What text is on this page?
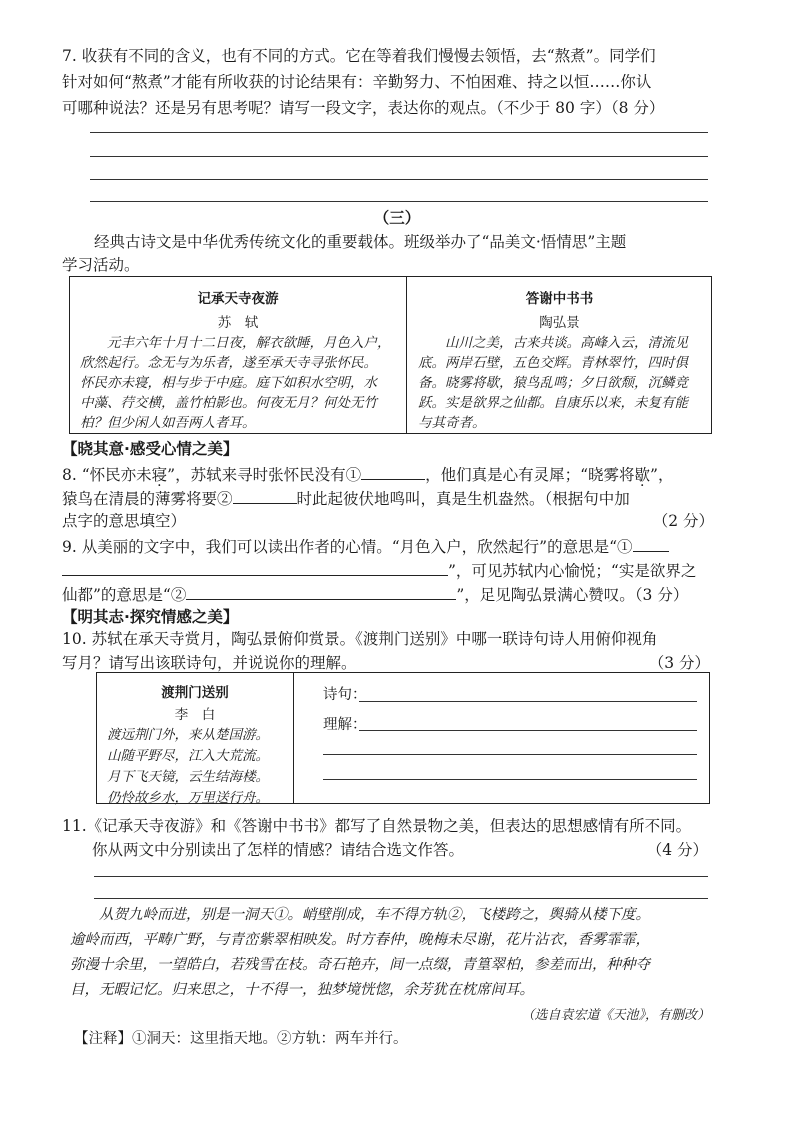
7. 收获有不同的含义，也有不同的方式。它在等着我们慢慢去领悟，去“熬煮”。同学们

针对如何“熬煮”才能有所收获的讨论结果有：辛勤努力、不怕困难、持之以恒……你认

可哪种说法？还是另有思考呢？请写一段文字，表达你的观点。（不少于 80 字）（8 分）

（三）

经典古诗文是中华优秀传统文化的重要载体。班级举办了“品美文·悟情思”主题

学习活动。

记承天寺夜游
苏　轼
元丰六年十月十二日夜，解衣欲睡，月色入户，
欣然起行。念无与为乐者，遂至承天寺寻张怀民。
怀民亦未寝，相与步于中庭。庭下如积水空明，水
中藻、荇交横，盖竹柏影也。何夜无月？何处无竹
柏？但少闲人如吾两人者耳。
答谢中书书
陶弘景
山川之美，古来共谈。高峰入云，清流见
底。两岸石壁，五色交辉。青林翠竹，四时俱
备。晓雾将歇，猿鸟乱鸣；夕日欲颓，沉鳞竞
跃。实是欲界之仙都。自康乐以来，未复有能
与其奇者。

【晓其意·感受心情之美】

8. “怀民亦未寝”，苏轼来寻时张怀民没有①	，他们真是心有灵犀；“晓雾将歇”，

猿鸟在清晨的薄雾将要②	时此起彼伏地鸣叫，真是生机盎然。（根据句中加

点字的意思填空）	（2 分）

9. 从美丽的文字中，我们可以读出作者的心情。“月色入户，欣然起行”的意思是“①

”，可见苏轼内心愉悦；“实是欲界之

仙都”的意思是“②	”，足见陶弘景满心赞叹。（3 分）

【明其志·探究情感之美】

10. 苏轼在承天寺赏月，陶弘景俯仰赏景。《渡荆门送别》中哪一联诗句诗人用俯仰视角

写月？请写出该联诗句，并说说你的理解。	（3 分）

渡荆门送别
李　白
渡远荆门外，来从楚国游。
山随平野尽，江入大荒流。
月下飞天镜，云生结海楼。
仍怜故乡水，万里送行舟。
诗句：
理解：

11.《记承天寺夜游》和《答谢中书书》都写了自然景物之美，但表达的思想感情有所不同。

你从两文中分别读出了怎样的情感？请结合选文作答。	（4 分）

从贺九岭而进，别是一洞天①。峭壁削成，车不得方轨②，飞楼跨之，舆骑从楼下度。
逾岭而西，平畴广野，与青峦紫翠相映发。时方春仲，晚梅未尽谢，花片沾衣，香雾霏霏，
弥漫十余里，一望皓白，若残雪在枝。奇石艳卉，间一点缀，青篁翠柏，参差而出，种种夺
目，无暇记忆。归来思之，十不得一，独梦境恍惚，余芳犹在枕席间耳。
（选自袁宏道《天池》，有删改）

【注释】①洞天：这里指天地。②方轨：两车并行。
